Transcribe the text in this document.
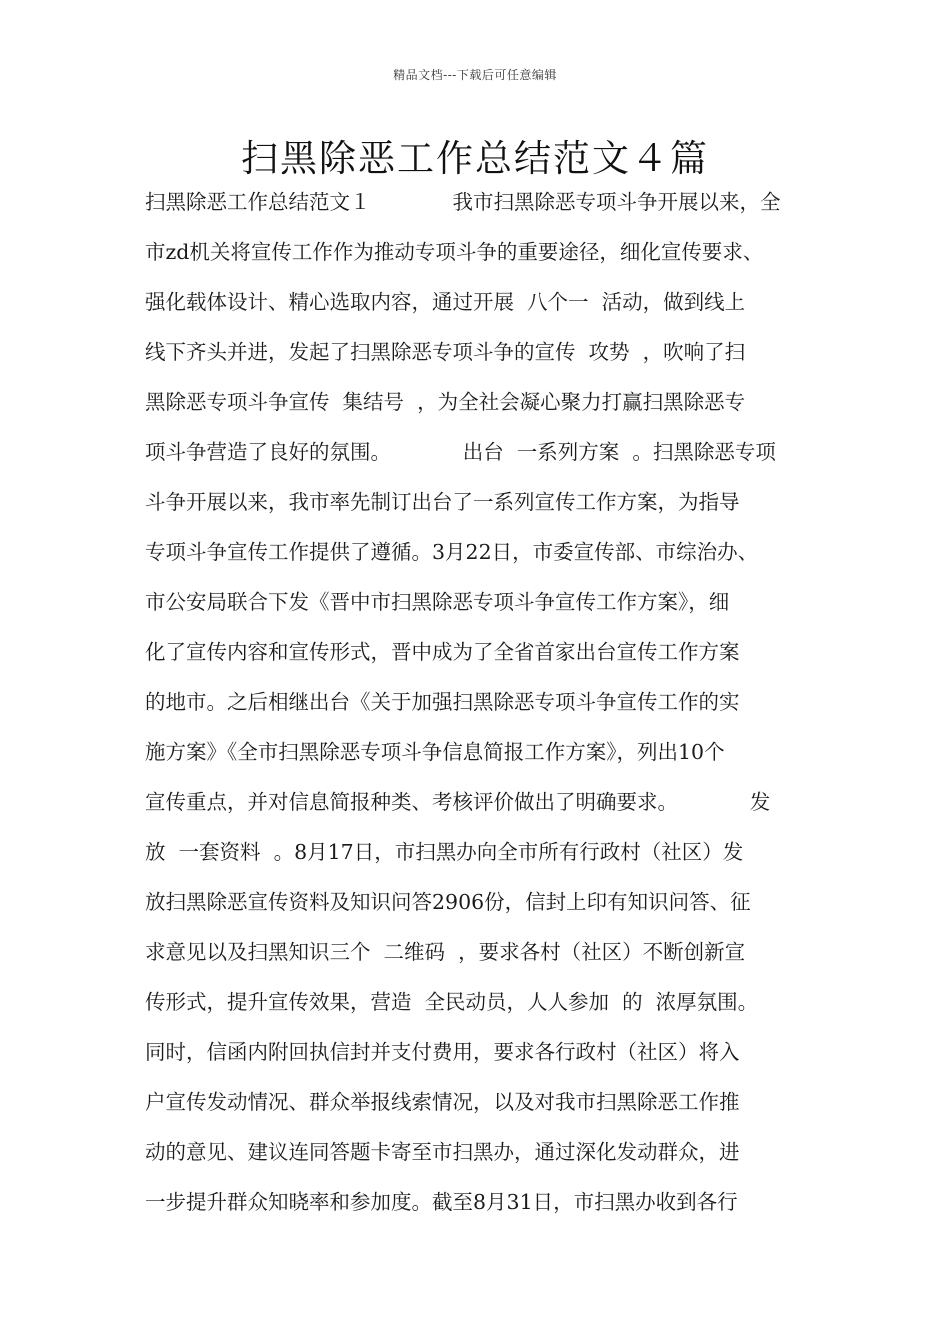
精品文档---下载后可任意编辑
扫黑除恶工作总结范文４篇
扫黑除恶工作总结范文１　　　　我市扫黑除恶专项斗争开展以来，全
市zd机关将宣传工作作为推动专项斗争的重要途径，细化宣传要求、
强化载体设计、精心选取内容，通过开展  八个一  活动，做到线上
线下齐头并进，发起了扫黑除恶专项斗争的宣传  攻势  ，吹响了扫
黑除恶专项斗争宣传  集结号  ，为全社会凝心聚力打赢扫黑除恶专
项斗争营造了良好的氛围。　　　　出台  一系列方案  。扫黑除恶专项
斗争开展以来，我市率先制订出台了一系列宣传工作方案，为指导
专项斗争宣传工作提供了遵循。3月22日，市委宣传部、市综治办、
市公安局联合下发《晋中市扫黑除恶专项斗争宣传工作方案》，细
化了宣传内容和宣传形式，晋中成为了全省首家出台宣传工作方案
的地市。之后相继出台《关于加强扫黑除恶专项斗争宣传工作的实
施方案》《全市扫黑除恶专项斗争信息简报工作方案》，列出10个
宣传重点，并对信息简报种类、考核评价做出了明确要求。　　　　发
放  一套资料  。8月17日，市扫黑办向全市所有行政村（社区）发
放扫黑除恶宣传资料及知识问答2906份，信封上印有知识问答、征
求意见以及扫黑知识三个  二维码  ，要求各村（社区）不断创新宣
传形式，提升宣传效果，营造  全民动员，人人参加  的  浓厚氛围。
同时，信函内附回执信封并支付费用，要求各行政村（社区）将入
户宣传发动情况、群众举报线索情况，以及对我市扫黑除恶工作推
动的意见、建议连同答题卡寄至市扫黑办，通过深化发动群众，进
一步提升群众知晓率和参加度。截至8月31日，市扫黑办收到各行
